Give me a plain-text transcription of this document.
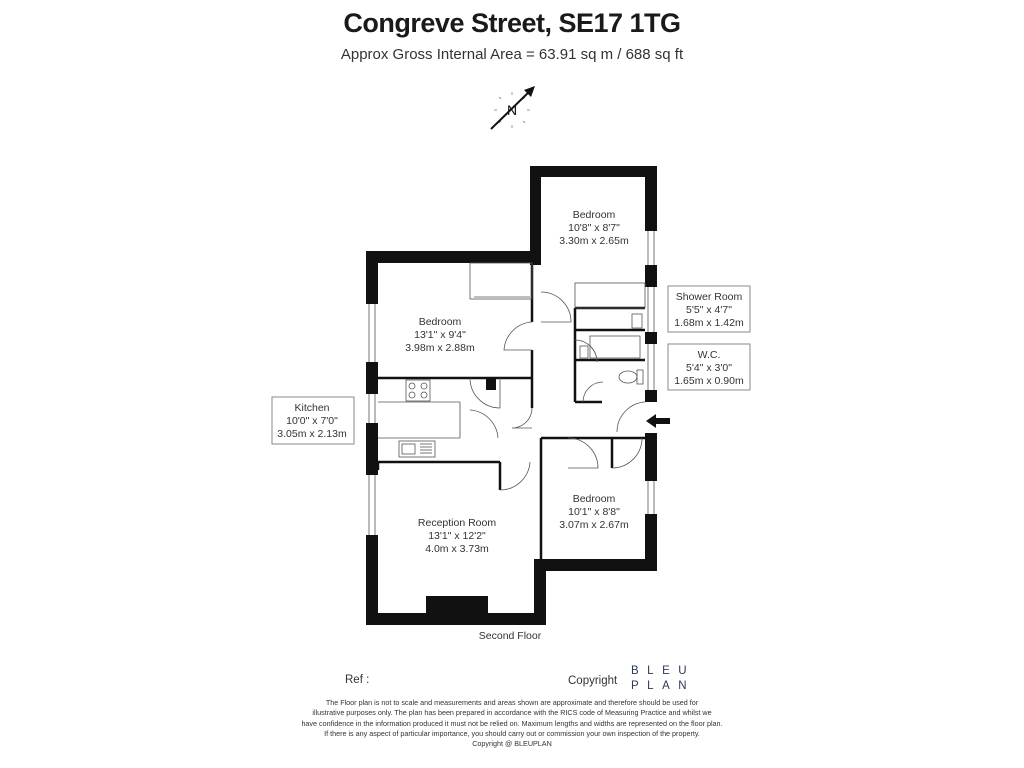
Congreve Street, SE17 1TG
Approx Gross Internal Area = 63.91 sq m / 688 sq ft
N
Bedroom
10'8" x 8'7"
3.30m x 2.65m
Bedroom
13'1" x 9'4"
3.98m x 2.88m
Kitchen
10'0" x 7'0"
3.05m x 2.13m
Shower Room
5'5" x 4'7"
1.68m x 1.42m
W.C.
5'4" x 3'0"
1.65m x 0.90m
Bedroom
10'1" x 8'8"
3.07m x 2.67m
Reception Room
13'1" x 12'2"
4.0m x 3.73m
Second Floor
Ref :	Copyright
BLEU
PLAN
The Floor plan is not to scale and measurements and areas shown are approximate and therefore should be used for
illustrative purposes only. The plan has been prepared in accordance with the RICS code of Measuring Practice and whilst we
have confidence in the information produced it must not be relied on. Maximum lengths and widths are represented on the floor plan.
If there is any aspect of particular importance, you should carry out or commission your own inspection of the property.
Copyright @ BLEUPLAN
